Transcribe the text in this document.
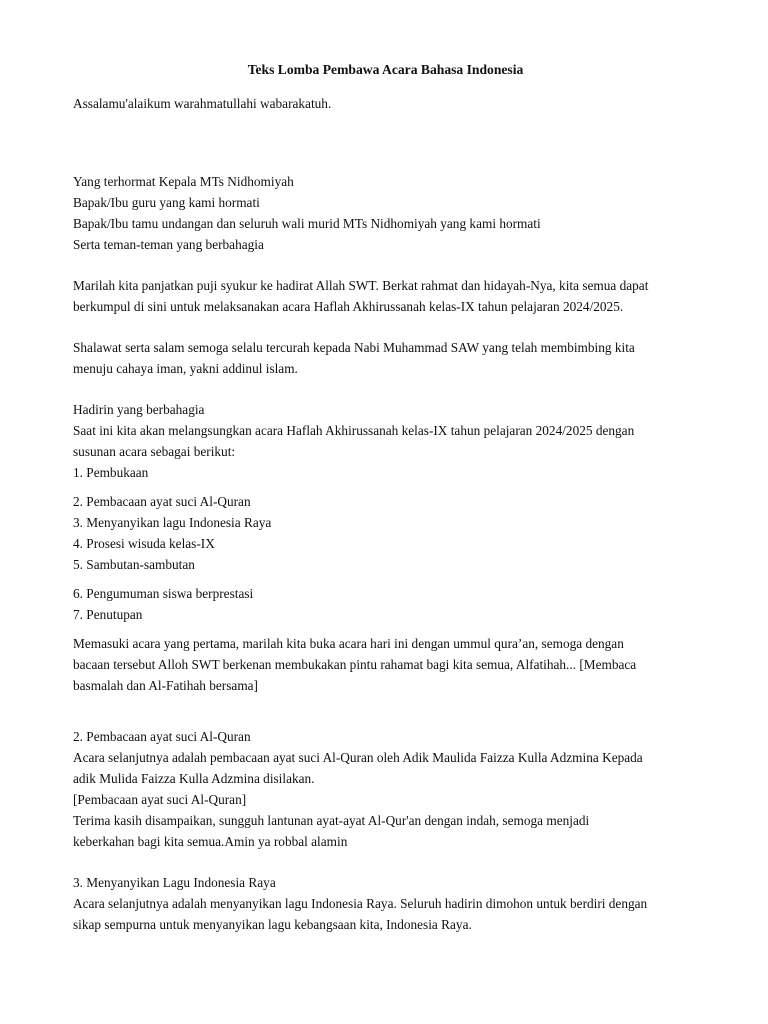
Teks Lomba Pembawa Acara Bahasa Indonesia
Assalamu'alaikum warahmatullahi wabarakatuh.
Yang terhormat Kepala MTs Nidhomiyah
Bapak/Ibu guru yang kami hormati
Bapak/Ibu tamu undangan dan seluruh wali murid MTs Nidhomiyah yang kami hormati
Serta teman-teman yang berbahagia
Marilah kita panjatkan puji syukur ke hadirat Allah SWT. Berkat rahmat dan hidayah-Nya, kita semua dapat
berkumpul di sini untuk melaksanakan acara Haflah Akhirussanah kelas-IX tahun pelajaran 2024/2025.
Shalawat serta salam semoga selalu tercurah kepada Nabi Muhammad SAW yang telah membimbing kita
menuju cahaya iman, yakni addinul islam.
Hadirin yang berbahagia
Saat ini kita akan melangsungkan acara Haflah Akhirussanah kelas-IX tahun pelajaran 2024/2025 dengan
susunan acara sebagai berikut:
1. Pembukaan
2. Pembacaan ayat suci Al-Quran
3. Menyanyikan lagu Indonesia Raya
4. Prosesi wisuda kelas-IX
5. Sambutan-sambutan
6. Pengumuman siswa berprestasi
7. Penutupan
Memasuki acara yang pertama, marilah kita buka acara hari ini dengan ummul qura’an, semoga dengan
bacaan tersebut Alloh SWT berkenan membukakan pintu rahamat bagi kita semua, Alfatihah... [Membaca
basmalah dan Al-Fatihah bersama]
2. Pembacaan ayat suci Al-Quran
Acara selanjutnya adalah pembacaan ayat suci Al-Quran oleh Adik Maulida Faizza Kulla Adzmina Kepada
adik Mulida Faizza Kulla Adzmina disilakan.
[Pembacaan ayat suci Al-Quran]
Terima kasih disampaikan, sungguh lantunan ayat-ayat Al-Qur'an dengan indah, semoga menjadi
keberkahan bagi kita semua.Amin ya robbal alamin
3. Menyanyikan Lagu Indonesia Raya
Acara selanjutnya adalah menyanyikan lagu Indonesia Raya. Seluruh hadirin dimohon untuk berdiri dengan
sikap sempurna untuk menyanyikan lagu kebangsaan kita, Indonesia Raya.
